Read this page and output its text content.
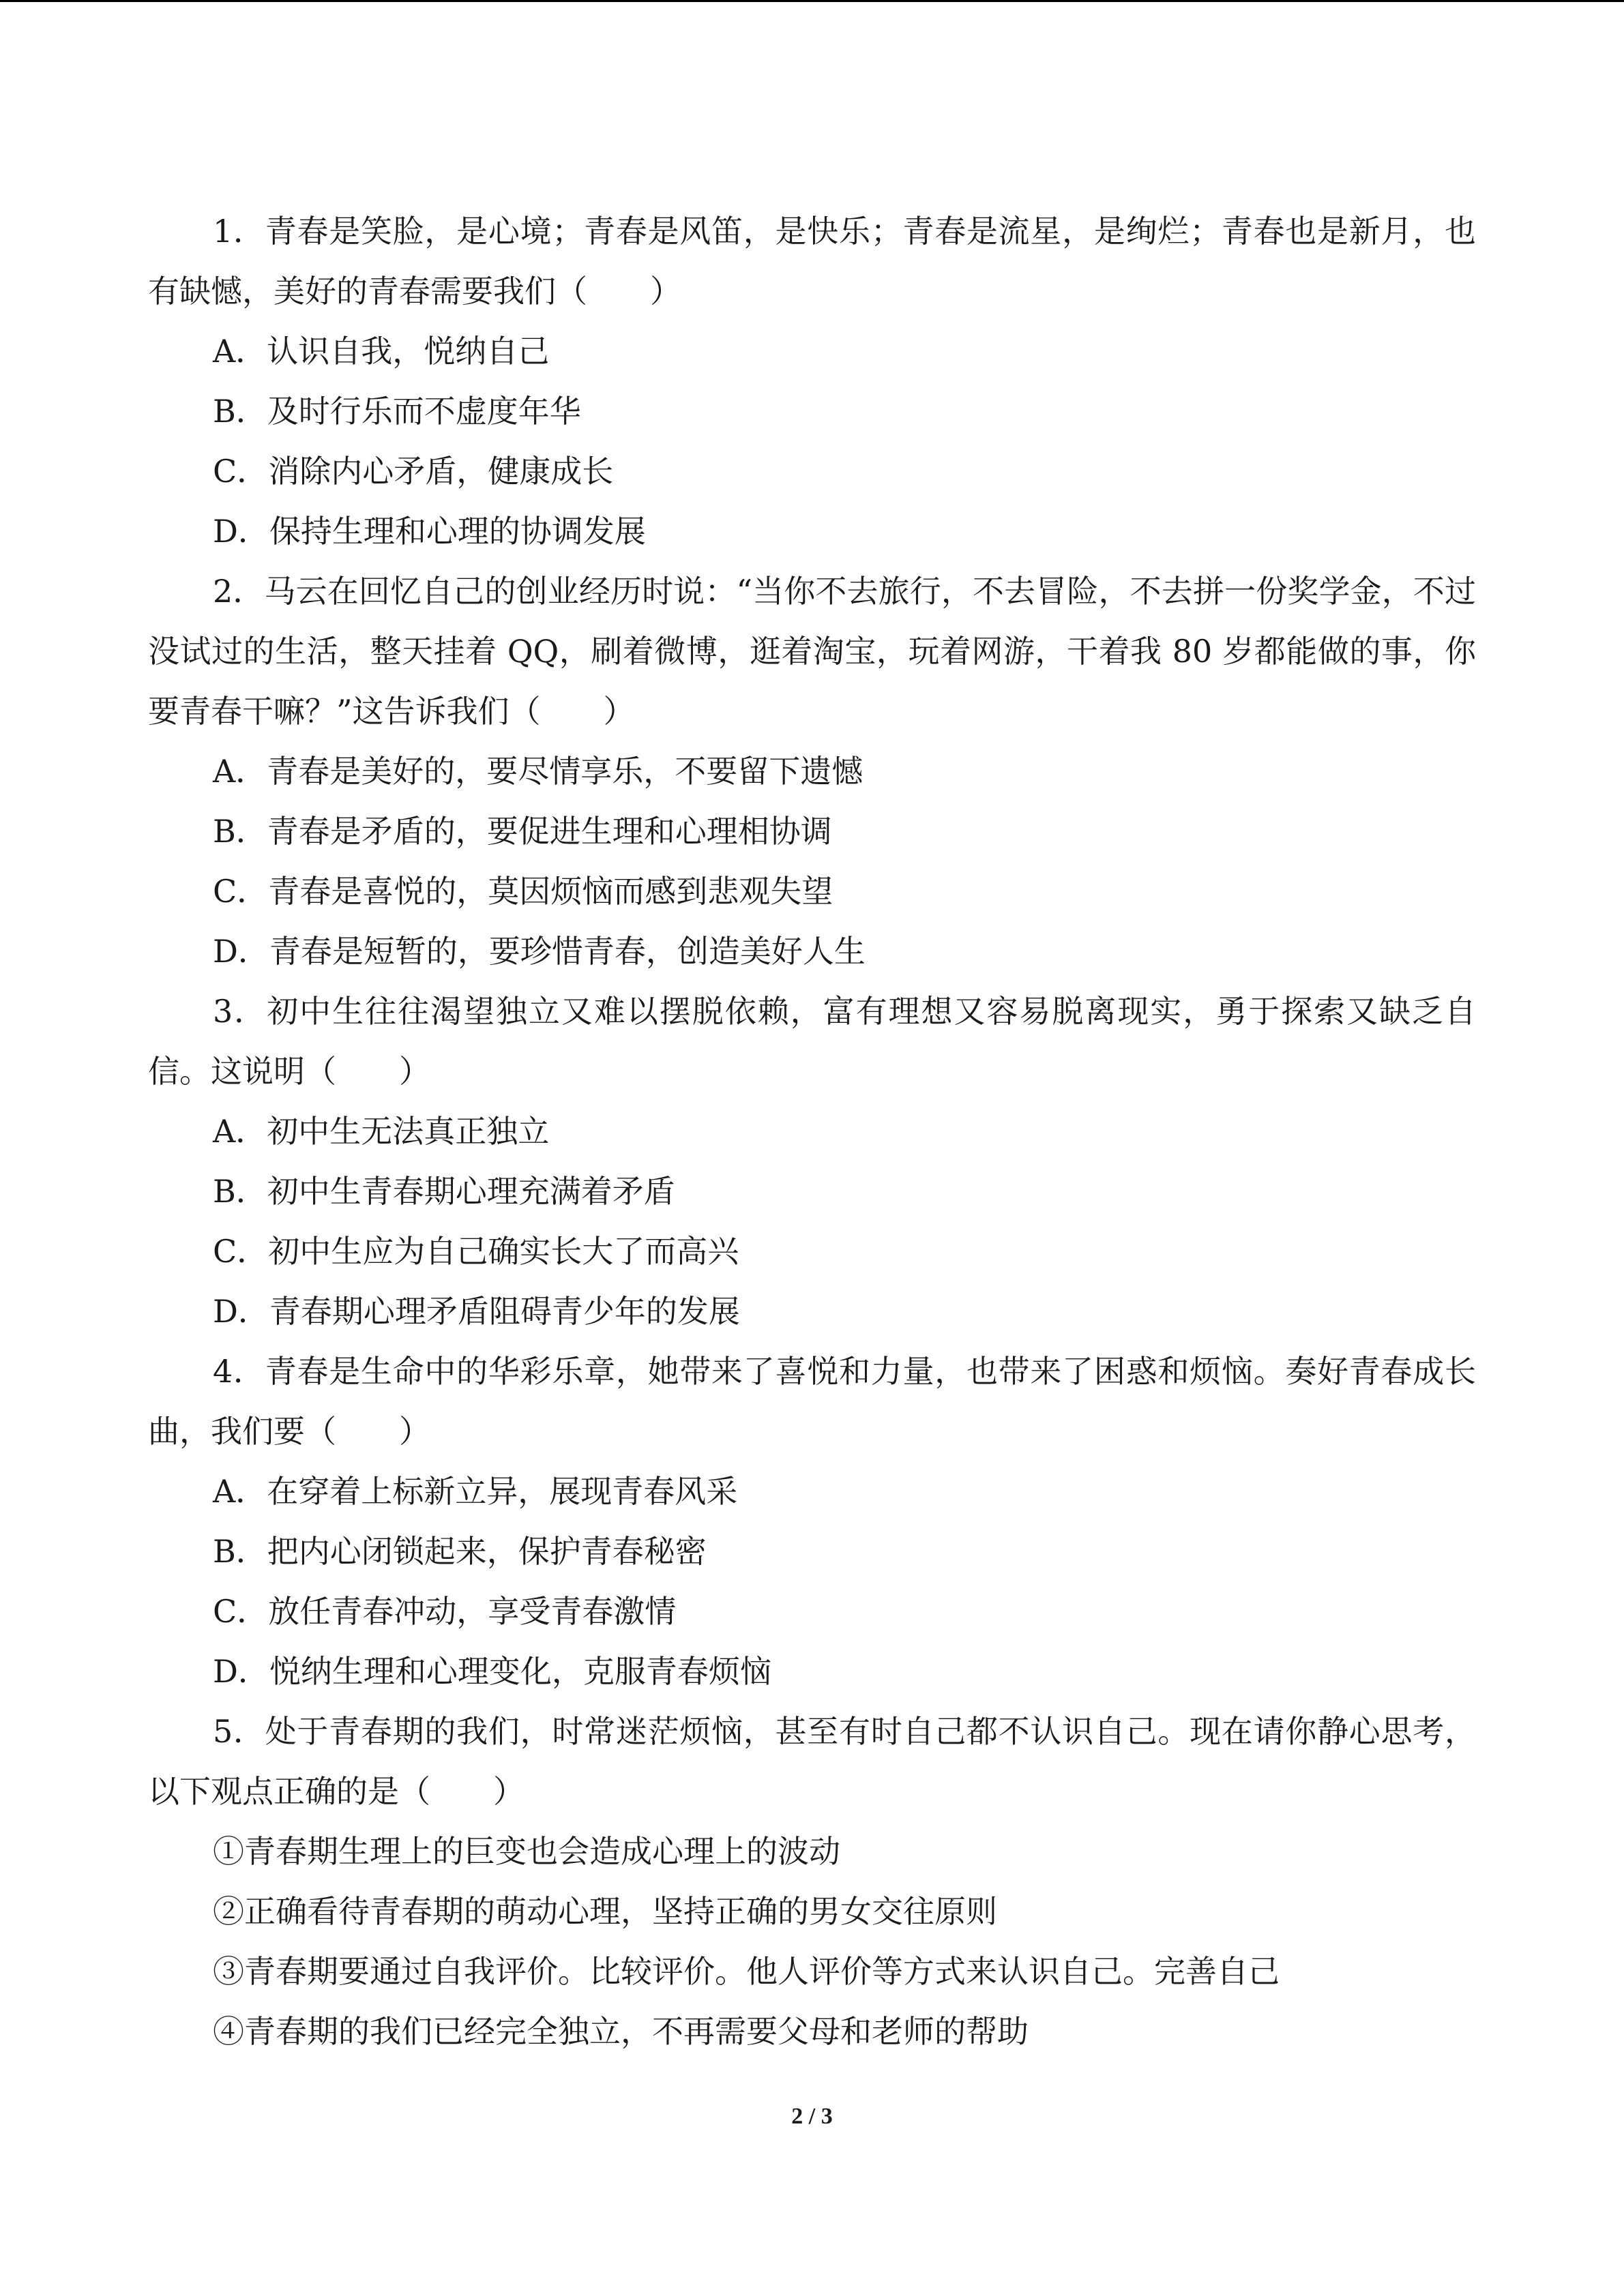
1．青春是笑脸，是心境；青春是风笛，是快乐；青春是流星，是绚烂；青春也是新月，也有缺憾，美好的青春需要我们（　　）

A．认识自我，悦纳自己

B．及时行乐而不虚度年华

C．消除内心矛盾，健康成长

D．保持生理和心理的协调发展

2．马云在回忆自己的创业经历时说：“当你不去旅行，不去冒险，不去拼一份奖学金，不过没试过的生活，整天挂着 QQ，刷着微博，逛着淘宝，玩着网游，干着我 80 岁都能做的事，你要青春干嘛？”这告诉我们（　　）

A．青春是美好的，要尽情享乐，不要留下遗憾

B．青春是矛盾的，要促进生理和心理相协调

C．青春是喜悦的，莫因烦恼而感到悲观失望

D．青春是短暂的，要珍惜青春，创造美好人生

3．初中生往往渴望独立又难以摆脱依赖，富有理想又容易脱离现实，勇于探索又缺乏自信。这说明（　　）

A．初中生无法真正独立

B．初中生青春期心理充满着矛盾

C．初中生应为自己确实长大了而高兴

D．青春期心理矛盾阻碍青少年的发展

4．青春是生命中的华彩乐章，她带来了喜悦和力量，也带来了困惑和烦恼。奏好青春成长曲，我们要（　　）

A．在穿着上标新立异，展现青春风采

B．把内心闭锁起来，保护青春秘密

C．放任青春冲动，享受青春激情

D．悦纳生理和心理变化，克服青春烦恼

5．处于青春期的我们，时常迷茫烦恼，甚至有时自己都不认识自己。现在请你静心思考，以下观点正确的是（　　）

①青春期生理上的巨变也会造成心理上的波动

②正确看待青春期的萌动心理，坚持正确的男女交往原则

③青春期要通过自我评价。比较评价。他人评价等方式来认识自己。完善自己

④青春期的我们已经完全独立，不再需要父母和老师的帮助

2 / 3
